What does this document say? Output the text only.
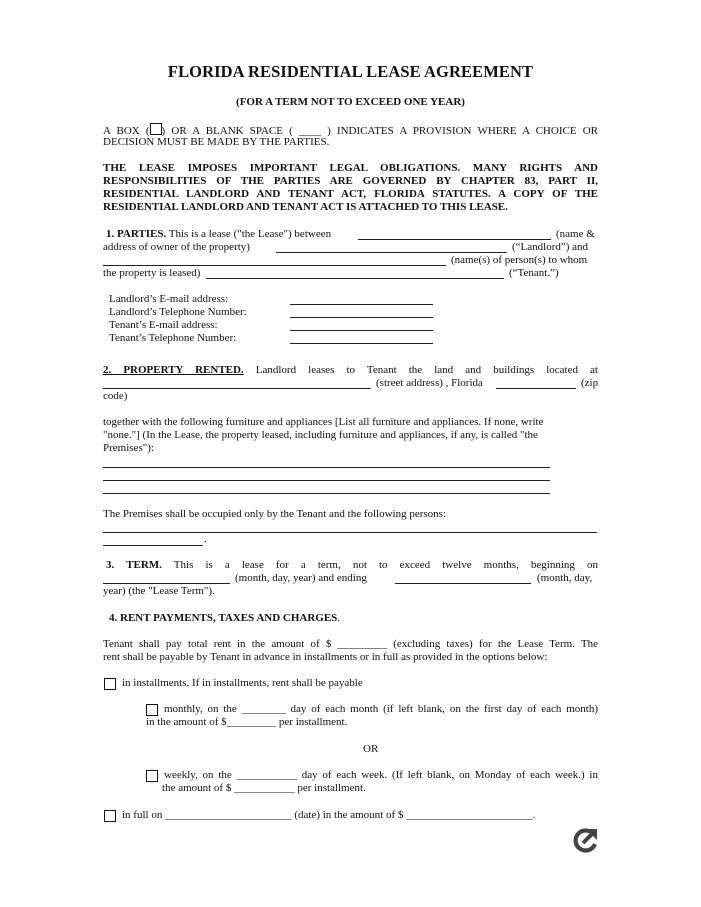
FLORIDA RESIDENTIAL LEASE AGREEMENT
(FOR A TERM NOT TO EXCEED ONE YEAR)
A BOX ( ) OR A BLANK SPACE ( ____ ) INDICATES A PROVISION WHERE A CHOICE OR
DECISION MUST BE MADE BY THE PARTIES.
THE LEASE IMPOSES IMPORTANT LEGAL OBLIGATIONS. MANY RIGHTS AND
RESPONSIBILITIES OF THE PARTIES ARE GOVERNED BY CHAPTER 83, PART II,
RESIDENTIAL LANDLORD AND TENANT ACT, FLORIDA STATUTES. A COPY OF THE
RESIDENTIAL LANDLORD AND TENANT ACT IS ATTACHED TO THIS LEASE.
1. PARTIES. This is a lease ("the Lease") between	(name &
address of owner of the property)	(“Landlord”) and
(name(s) of person(s) to whom
the property is leased)	(“Tenant.”)
Landlord’s E-mail address:
Landlord’s Telephone Number:
Tenant’s E-mail address:
Tenant’s Telephone Number:
2. PROPERTY RENTED. Landlord leases to Tenant the land and buildings located at
(street address) , Florida	(zip
code)
together with the following furniture and appliances [List all furniture and appliances. If none, write
"none."] (In the Lease, the property leased, including furniture and appliances, if any, is called "the
Premises"):
The Premises shall be occupied only by the Tenant and the following persons:
.
3. TERM. This is a lease for a term, not to exceed twelve months, beginning on
(month, day, year) and ending	(month, day,
year) (the "Lease Term").
4. RENT PAYMENTS, TAXES AND CHARGES.
Tenant shall pay total rent in the amount of $ _________ (excluding taxes) for the Lease Term. The
rent shall be payable by Tenant in advance in installments or in full as provided in the options below:
in installments. If in installments, rent shall be payable
monthly, on the ________ day of each month (if left blank, on the first day of each month)
in the amount of $_________ per installment.
OR
weekly, on the ___________ day of each week. (If left blank, on Monday of each week.) in
the amount of $ ___________ per installment.
in full on _______________________ (date) in the amount of $ _______________________.
